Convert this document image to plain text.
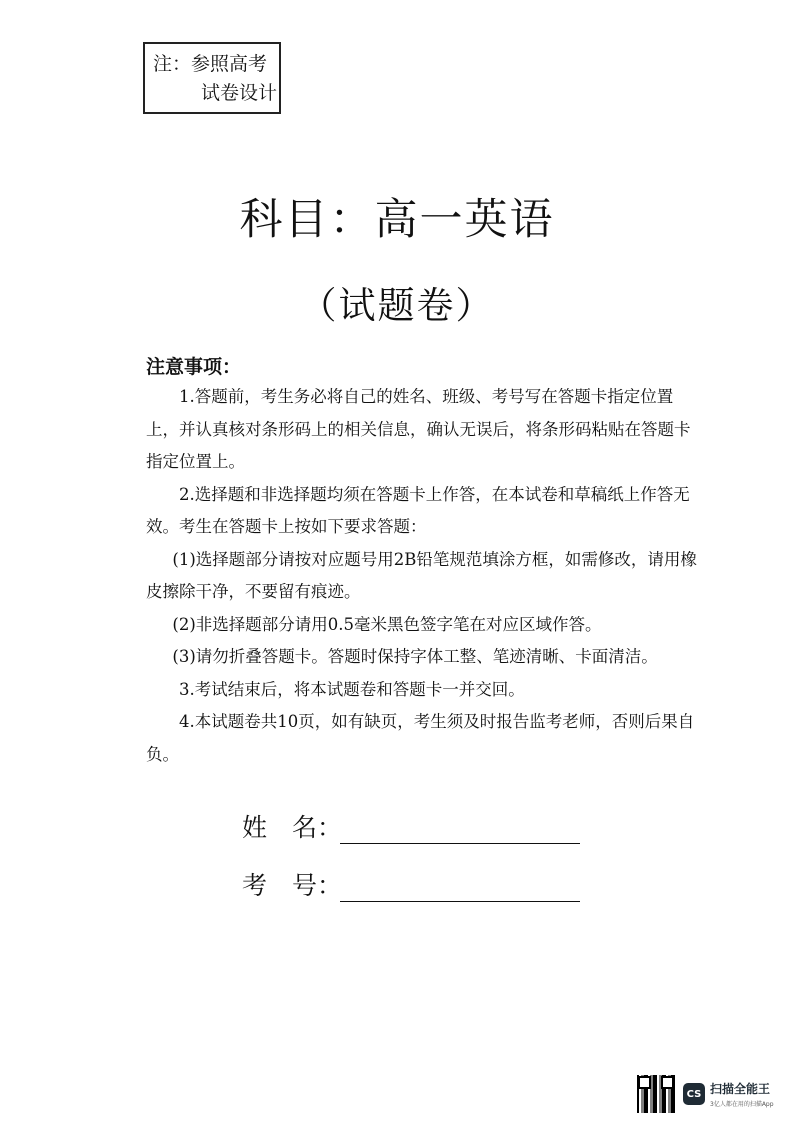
注：参照高考
试卷设计
科目：高一英语
（试题卷）
注意事项：

1.答题前，考生务必将自己的姓名、班级、考号写在答题卡指定位置上，并认真核对条形码上的相关信息，确认无误后，将条形码粘贴在答题卡指定位置上。

2.选择题和非选择题均须在答题卡上作答，在本试卷和草稿纸上作答无效。考生在答题卡上按如下要求答题：

(1)选择题部分请按对应题号用2B铅笔规范填涂方框，如需修改，请用橡皮擦除干净，不要留有痕迹。

(2)非选择题部分请用0.5毫米黑色签字笔在对应区域作答。

(3)请勿折叠答题卡。答题时保持字体工整、笔迹清晰、卡面清洁。

3.考试结束后，将本试题卷和答题卡一并交回。

4.本试题卷共10页，如有缺页，考生须及时报告监考老师，否则后果自负。

姓　名：
考　号：
CS 扫描全能王
3亿人都在用的扫描App
